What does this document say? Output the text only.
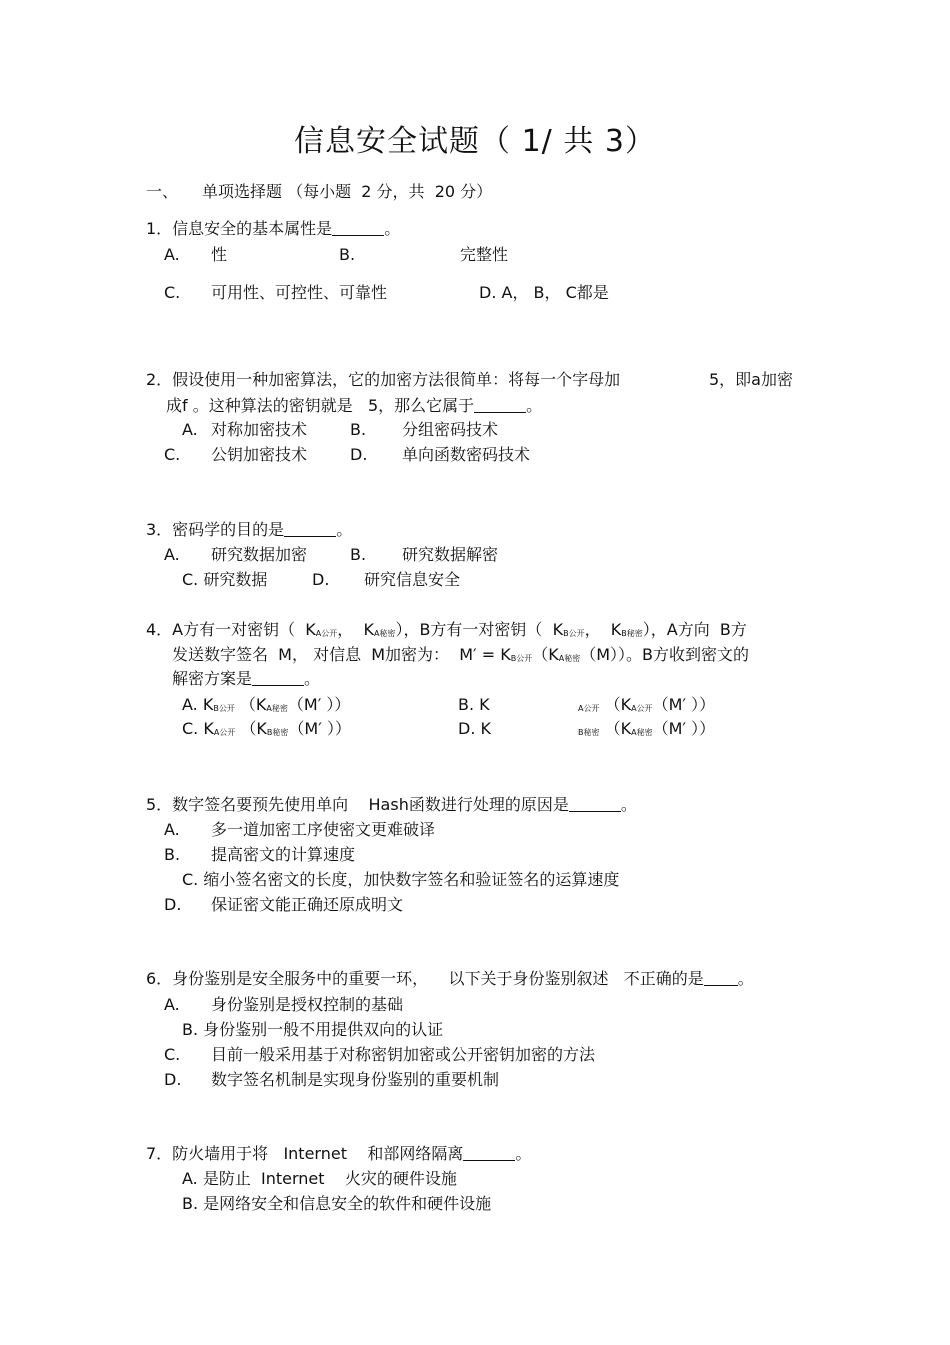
信息安全试题（ 1/ 共 3）
一、 单项选择题 （每小题  2 分，共  20 分）
1．信息安全的基本属性是	。
A. 性	B.	完整性
C. 可用性、可控性、可靠性	D. A， B， C都是
2．假设使用一种加密算法，它的加密方法很简单：将每一个字母加	5，即a加密
成f 。这种算法的密钥就是   5，那么它属于	。
A. 对称加密技术	B. 分组密码技术
C. 公钥加密技术	D. 单向函数密码技术
3．密码学的目的是	。
A. 研究数据加密	B. 研究数据解密
C. 研究数据	D. 研究信息安全
4．A方有一对密钥（  $K_{A公开}$，  $K_{A秘密}$），B方有一对密钥（  $K_{B公开}$，  $K_{B秘密}$），A方向  B方
发送数字签名  M， 对信息  M加密为：  $M' = K_{B公开}(K_{A秘密}(M))$。B方收到密文的
解密方案是	。
A. $K_{B公开}$ （$K_{A秘密}(M'$ ））	B. K	$_{A公开}$ （$K_{A公开}(M'$ ））
C. $K_{A公开}$ （$K_{B秘密}(M'$ ））	D. K	$_{B秘密}$ （$K_{A秘密}(M'$ ））
5．数字签名要预先使用单向    Hash函数进行处理的原因是	。
A. 多一道加密工序使密文更难破译
B. 提高密文的计算速度
C. 缩小签名密文的长度，加快数字签名和验证签名的运算速度
D. 保证密文能正确还原成明文
6．身份鉴别是安全服务中的重要一环，    以下关于身份鉴别叙述   不正确的是 。
A. 身份鉴别是授权控制的基础
B. 身份鉴别一般不用提供双向的认证
C. 目前一般采用基于对称密钥加密或公开密钥加密的方法
D. 数字签名机制是实现身份鉴别的重要机制
7．防火墙用于将   Internet    和部网络隔离	。
A. 是防止  Internet    火灾的硬件设施
B. 是网络安全和信息安全的软件和硬件设施
